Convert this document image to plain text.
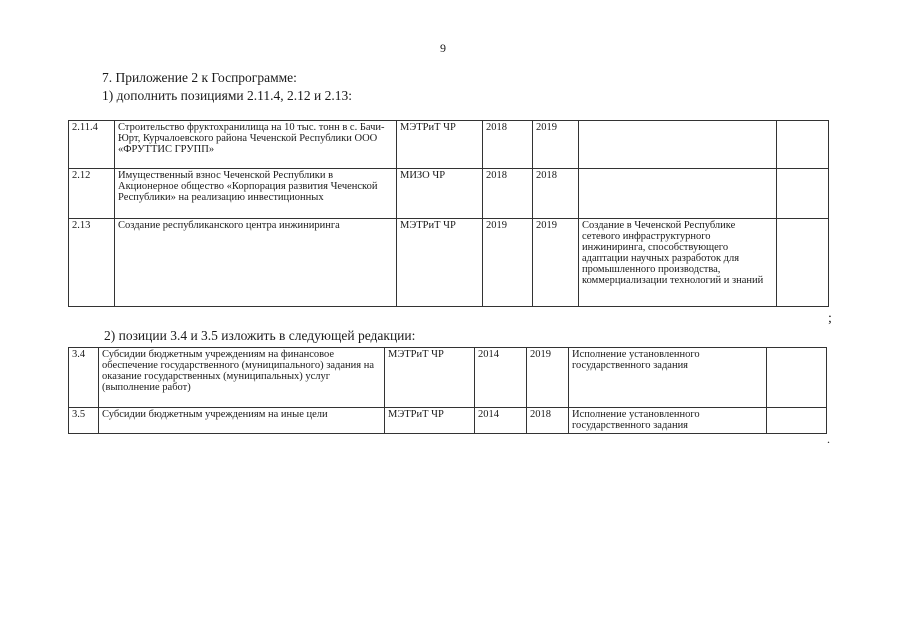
9
7. Приложение 2 к Госпрограмме:
1) дополнить позициями 2.11.4, 2.12 и 2.13:
2.11.4	Строительство фруктохранилища на 10 тыс. тонн в с. Бачи-Юрт, Курчалоевского района Чеченской Республики ООО «ФРУТТИС ГРУПП»	МЭТРиТ ЧР	2018	2019		
2.12	Имущественный взнос Чеченской Республики в Акционерное общество «Корпорация развития Чеченской Республики» на реализацию инвестиционных	МИЗО ЧР	2018	2018		
2.13	Создание республиканского центра инжиниринга	МЭТРиТ ЧР	2019	2019	Создание в Чеченской Республике сетевого инфраструктурного инжиниринга, способствующего адаптации научных разработок для промышленного производства, коммерциализации технологий и знаний	
;
2) позиции 3.4 и 3.5 изложить в следующей редакции:
3.4	Субсидии бюджетным учреждениям на финансовое обеспечение государственного (муниципального) задания на оказание государственных (муниципальных) услуг (выполнение работ)	МЭТРиТ ЧР	2014	2019	Исполнение установленного государственного задания	
3.5	Субсидии бюджетным учреждениям на иные цели	МЭТРиТ ЧР	2014	2018	Исполнение установленного государственного задания	
.
